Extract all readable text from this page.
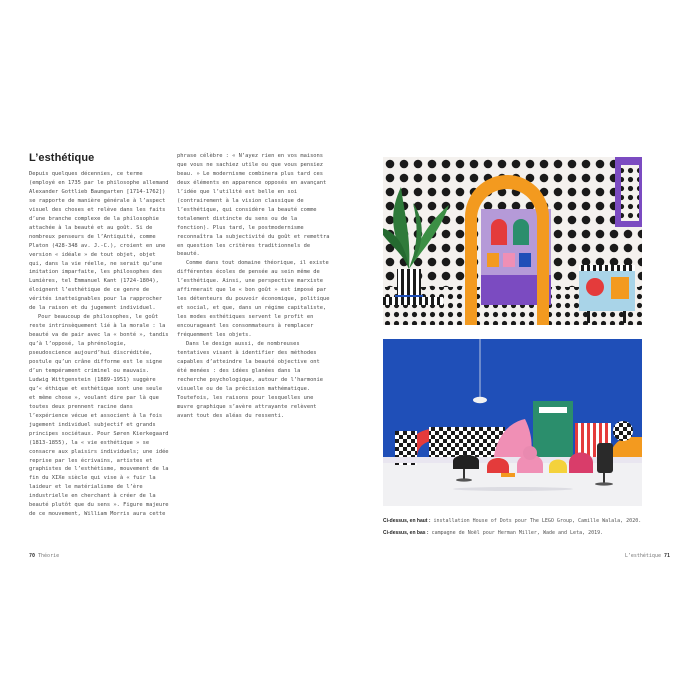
L’esthétique

Depuis quelques décennies, ce terme (employé en 1735 par le philosophe allemand Alexander Gottlieb Baumgarten [1714-1762]) se rapporte de manière générale à l’aspect visuel des choses et relève dans les faits d’une branche complexe de la philosophie attachée à la beauté et au goût. Si de nombreux penseurs de l’Antiquité, comme Platon (428-348 av. J.-C.), croient en une version « idéale » de tout objet, objet qui, dans la vie réelle, ne serait qu’une imitation imparfaite, les philosophes des Lumières, tel Emmanuel Kant (1724-1804), éloignent l’esthétique de ce genre de vérités inatteignables pour la rapprocher de la raison et du jugement individuel.

Pour beaucoup de philosophes, le goût reste intrinsèquement lié à la morale : la beauté va de pair avec la « bonté », tandis qu’à l’opposé, la phrénologie, pseudoscience aujourd’hui discréditée, postule qu’un crâne difforme est le signe d’un tempérament criminel ou mauvais. Ludwig Wittgenstein (1889-1951) suggère qu’« éthique et esthétique sont une seule et même chose », voulant dire par là que toutes deux prennent racine dans l’expérience vécue et associent à la fois jugement individuel subjectif et grands principes sociétaux. Pour Søren Kierkegaard (1813-1855), la « vie esthétique » se consacre aux plaisirs individuels; une idée reprise par les écrivains, artistes et graphistes de l’esthétisme, mouvement de la fin du XIXe siècle qui vise à « fuir la laideur et le matérialisme de l’ère industrielle en cherchant à créer de la beauté plutôt que du sens ». Figure majeure de ce mouvement, William Morris aura cette

phrase célèbre : « N’ayez rien en vos maisons que vous ne sachiez utile ou que vous pensiez beau. » Le modernisme combinera plus tard ces deux éléments en apparence opposés en avançant l’idée que l’utilité est belle en soi (contrairement à la vision classique de l’esthétique, qui considère la beauté comme totalement distincte du sens ou de la fonction). Plus tard, le postmodernisme reconnaîtra la subjectivité du goût et remettra en question les critères traditionnels de beauté.

Comme dans tout domaine théorique, il existe différentes écoles de pensée au sein même de l’esthétique. Ainsi, une perspective marxiste affirmerait que le « bon goût » est imposé par les détenteurs du pouvoir économique, politique et social, et que, dans un régime capitaliste, les modes esthétiques servent le profit en encourageant les consommateurs à remplacer fréquemment les objets.

Dans le design aussi, de nombreuses tentatives visant à identifier des méthodes capables d’atteindre la beauté objective ont été menées : des idées glanées dans la recherche psychologique, autour de l’harmonie visuelle ou de la précision mathématique. Toutefois, les raisons pour lesquelles une œuvre graphique s’avère attrayante relèvent avant tout des aléas du ressenti.

70 Théorie

Ci-dessus, en haut : installation House of Dots pour The LEGO Group, Camille Walala, 2020.

Ci-dessus, en bas : campagne de Noël pour Herman Miller, Wade and Leta, 2019.

L’esthétique 71
